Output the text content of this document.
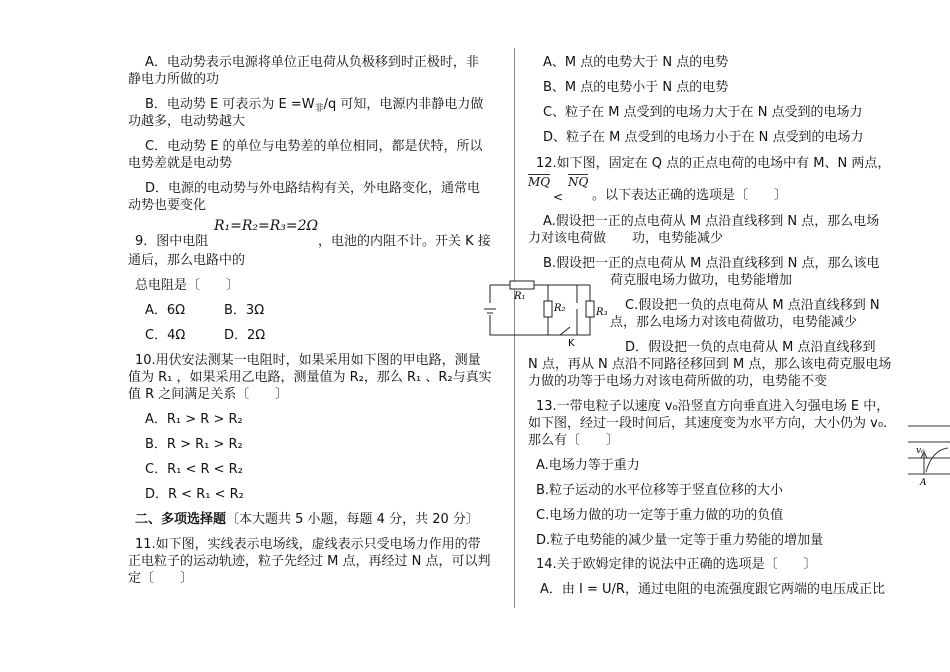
A．电动势表示电源将单位正电荷从负极移到时正极时，非
静电力所做的功
B．电动势 E 可表示为 $E =W_非/q$ 可知，电源内非静电力做
功越多，电动势越大
C．电动势 E 的单位与电势差的单位相同，都是伏特，所以
电势差就是电动势
D．电源的电动势与外电路结构有关，外电路变化，通常电
动势也要变化
R₁=R₂=R₃=2Ω
9．图中电阻	，电池的内阻不计。开关 K 接
通后，那么电路中的
总电阻是〔　　〕
A．6Ω	B．3Ω
C．4Ω	D．2Ω
10.用伏安法测某一电阻时，如果采用如下图的甲电路，测量
值为 R₁ ，如果采用乙电路，测量值为 R₂，那么 R₁ 、R₂与真实
值 R 之间满足关系〔　　〕
A．R₁ > R > R₂
B．R > R₁ > R₂
C．R₁ < R < R₂
D．R < R₁ < R₂
二、多项选择题〔本大题共 5 小题，每题 4 分，共 20 分〕
11.如下图，实线表示电场线，虚线表示只受电场力作用的带
正电粒子的运动轨迹，粒子先经过 M 点，再经过 N 点，可以判
定〔　　〕
R₁
R₂	R₃
K
A、M 点的电势大于 N 点的电势
B、M 点的电势小于 N 点的电势
C、粒子在 M 点受到的电场力大于在 N 点受到的电场力
D、粒子在 M 点受到的电场力小于在 N 点受到的电场力
12.如下图，固定在 Q 点的正点电荷的电场中有 M、N 两点，
MQ
<
NQ
。以下表达正确的选项是〔　　〕
A.假设把一正的点电荷从 M 点沿直线移到 N 点，那么电场
力对该电荷做　　功，电势能减少
B.假设把一正的点电荷从 M 点沿直线移到 N 点，那么该电
荷克服电场力做功，电势能增加
C.假设把一负的点电荷从 M 点沿直线移到 N
点，那么电场力对该电荷做功，电势能减少
D．假设把一负的点电荷从 M 点沿直线移到
N 点，再从 N 点沿不同路径移回到 M 点，那么该电荷克服电场
力做的功等于电场力对该电荷所做的功，电势能不变
13.一带电粒子以速度 v₀沿竖直方向垂直进入匀强电场 E 中，
如下图，经过一段时间后，其速度变为水平方向，大小仍为 v₀.
那么有〔　　〕
A.电场力等于重力
B.粒子运动的水平位移等于竖直位移的大小
C.电场力做的功一定等于重力做的功的负值
D.粒子电势能的减少量一定等于重力势能的增加量
14.关于欧姆定律的说法中正确的选项是〔　　〕
A．由 I = U/R，通过电阻的电流强度跟它两端的电压成正比
v₀
A
